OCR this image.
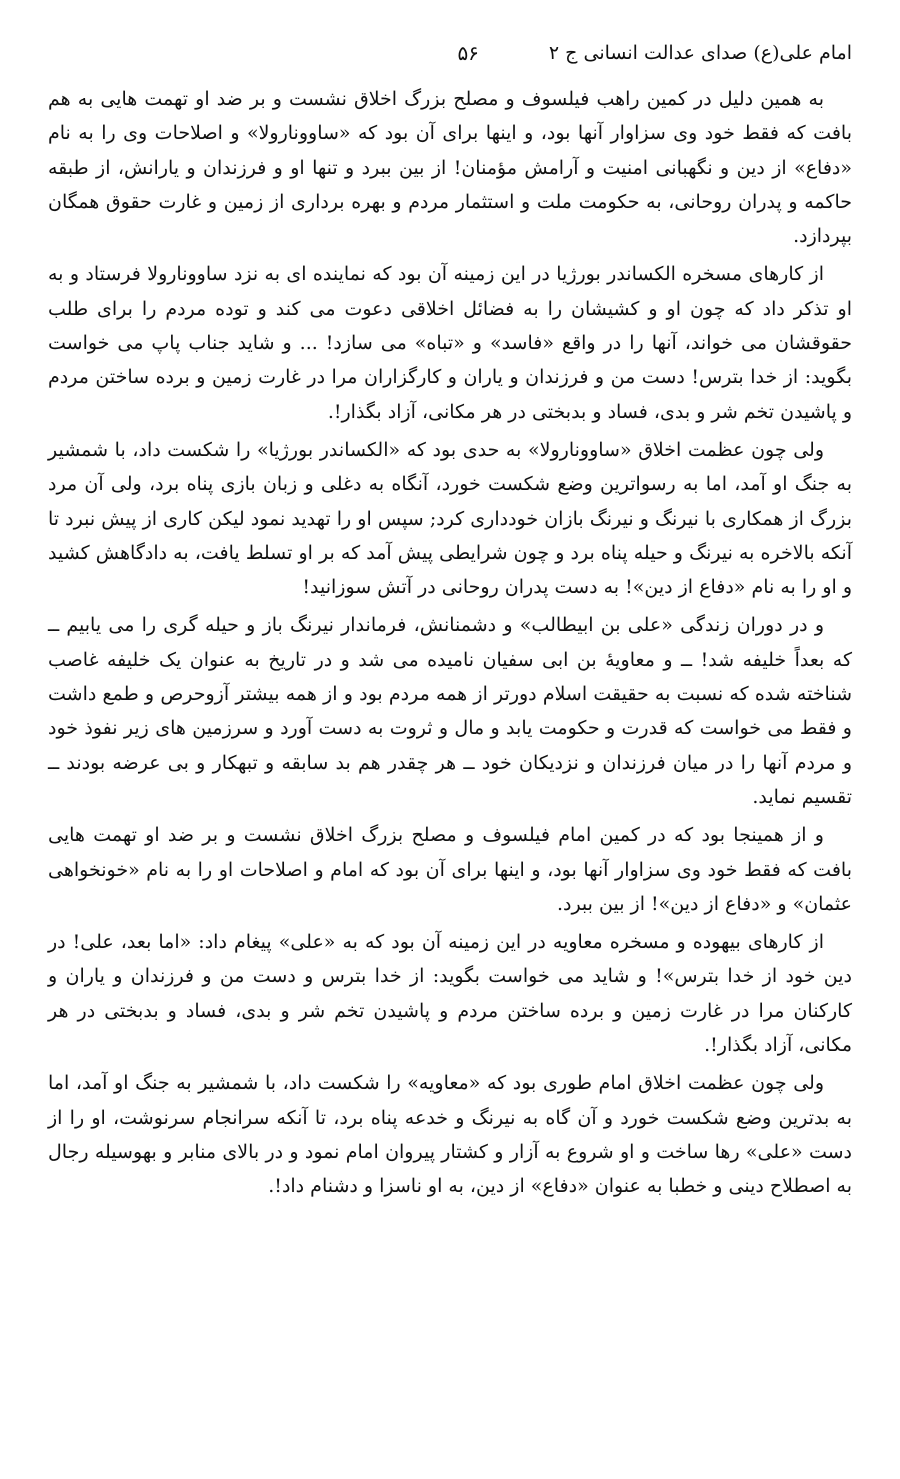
امام علی(ع) صدای عدالت انسانی ج ۲
۵۶

به همین دلیل در کمین راهب فیلسوف و مصلح بزرگ اخلاق نشست و بر ضد او تهمت هایی به هم بافت که فقط خود وی سزاوار آنها بود، و اینها برای آن بود که «ساوونارولا» و اصلاحات وی را به نام «دفاع» از دین و نگهبانی امنیت و آرامش مؤمنان! از بین ببرد و تنها او و فرزندان و یارانش، از طبقه حاکمه و پدران روحانی، به حکومت ملت و استثمار مردم و بهره برداری از زمین و غارت حقوق همگان بپردازد.

از کارهای مسخره الکساندر بورژیا در این زمینه آن بود که نماینده ای به نزد ساوونارولا فرستاد و به او تذکر داد که چون او و کشیشان را به فضائل اخلاقی دعوت می کند و توده مردم را برای طلب حقوقشان می خواند، آنها را در واقع «فاسد» و «تباه» می سازد! ... و شاید جناب پاپ می خواست بگوید: از خدا بترس! دست من و فرزندان و یاران و کارگزاران مرا در غارت زمین و برده ساختن مردم و پاشیدن تخم شر و بدی، فساد و بدبختی در هر مکانی، آزاد بگذار!.

ولی چون عظمت اخلاق «ساوونارولا» به حدی بود که «الکساندر بورژیا» را شکست داد، با شمشیر به جنگ او آمد، اما به رسواترین وضع شکست خورد، آنگاه به دغلی و زبان بازی پناه برد، ولی آن مرد بزرگ از همکاری با نیرنگ و نیرنگ بازان خودداری کرد; سپس او را تهدید نمود لیکن کاری از پیش نبرد تا آنکه بالاخره به نیرنگ و حیله پناه برد و چون شرایطی پیش آمد که بر او تسلط یافت، به دادگاهش کشید و او را به نام «دفاع از دین»! به دست پدران روحانی در آتش سوزانید!

و در دوران زندگی «علی بن ابیطالب» و دشمنانش، فرماندار نیرنگ باز و حیله گری را می یابیم ــ که بعداً خلیفه شد! ــ و معاویهٔ بن ابی سفیان نامیده می شد و در تاریخ به عنوان یک خلیفه غاصب شناخته شده که نسبت به حقیقت اسلام دورتر از همه مردم بود و از همه بیشتر آزوحرص و طمع داشت و فقط می خواست که قدرت و حکومت یابد و مال و ثروت به دست آورد و سرزمین های زیر نفوذ خود و مردم آنها را در میان فرزندان و نزدیکان خود ــ هر چقدر هم بد سابقه و تبهکار و بی عرضه بودند ــ تقسیم نماید.

و از همینجا بود که در کمین امام فیلسوف و مصلح بزرگ اخلاق نشست و بر ضد او تهمت هایی بافت که فقط خود وی سزاوار آنها بود، و اینها برای آن بود که امام و اصلاحات او را به نام «خونخواهی عثمان» و «دفاع از دین»! از بین ببرد.

از کارهای بیهوده و مسخره معاویه در این زمینه آن بود که به «علی» پیغام داد: «اما بعد، علی! در دین خود از خدا بترس»! و شاید می خواست بگوید: از خدا بترس و دست من و فرزندان و یاران و کارکنان مرا در غارت زمین و برده ساختن مردم و پاشیدن تخم شر و بدی، فساد و بدبختی در هر مکانی، آزاد بگذار!.

ولی چون عظمت اخلاق امام طوری بود که «معاویه» را شکست داد، با شمشیر به جنگ او آمد، اما به بدترین وضع شکست خورد و آن گاه به نیرنگ و خدعه پناه برد، تا آنکه سرانجام سرنوشت، او را از دست «علی» رها ساخت و او شروع به آزار و کشتار پیروان امام نمود و در بالای منابر و بهوسیله رجال به اصطلاح دینی و خطبا به عنوان «دفاع» از دین، به او ناسزا و دشنام داد!.
